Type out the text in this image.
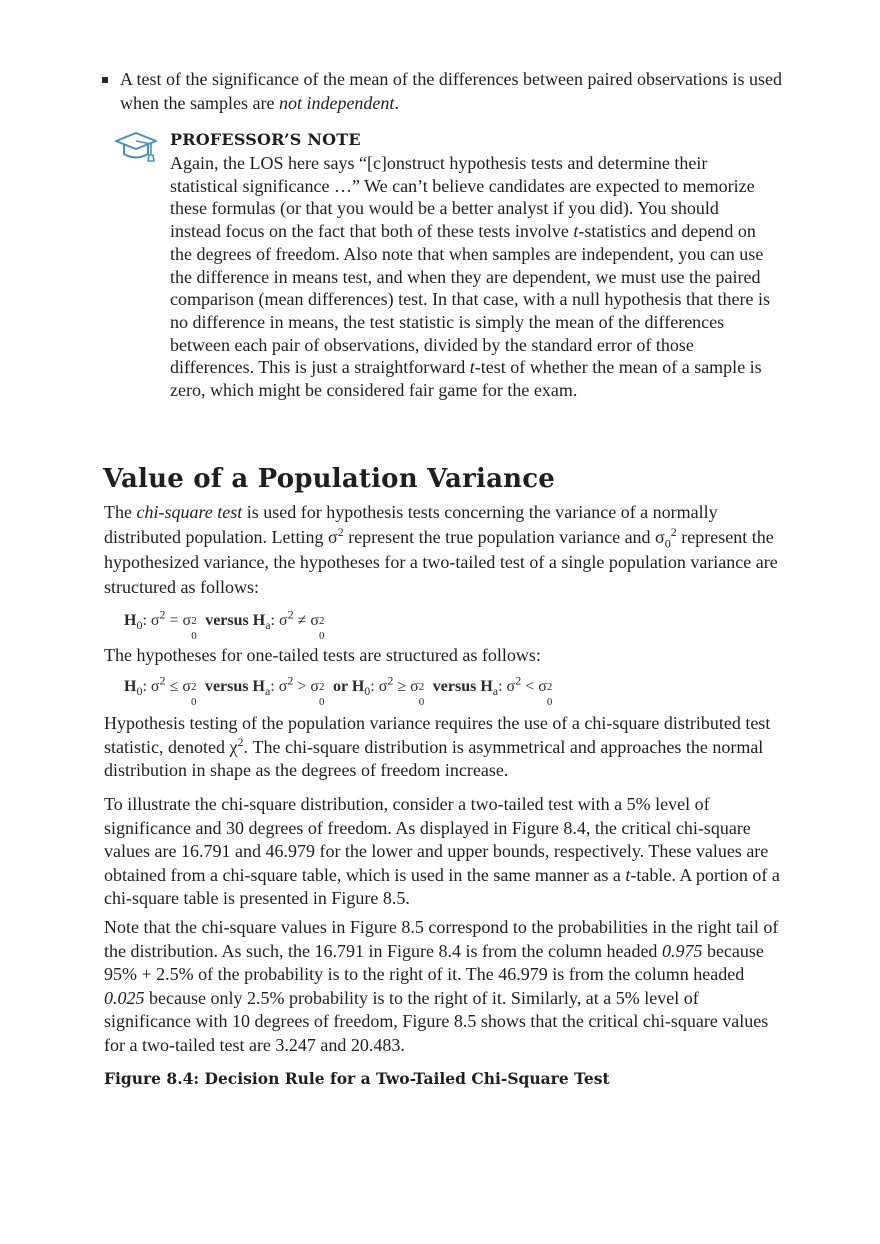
A test of the significance of the mean of the differences between paired observations is used when the samples are not independent.
PROFESSOR’S NOTE
Again, the LOS here says “[c]onstruct hypothesis tests and determine their statistical significance …” We can’t believe candidates are expected to memorize these formulas (or that you would be a better analyst if you did). You should instead focus on the fact that both of these tests involve t-statistics and depend on the degrees of freedom. Also note that when samples are independent, you can use the difference in means test, and when they are dependent, we must use the paired comparison (mean differences) test. In that case, with a null hypothesis that there is no difference in means, the test statistic is simply the mean of the differences between each pair of observations, divided by the standard error of those differences. This is just a straightforward t-test of whether the mean of a sample is zero, which might be considered fair game for the exam.
Value of a Population Variance
The chi-square test is used for hypothesis tests concerning the variance of a normally distributed population. Letting $\sigma^2$ represent the true population variance and $\sigma_0^2$ represent the hypothesized variance, the hypotheses for a two-tailed test of a single population variance are structured as follows:
$H_0$: $\sigma^2 = \sigma$ 2
0
versus $H_a$: $\sigma^2 \ne \sigma$ 2
0
The hypotheses for one-tailed tests are structured as follows:
$H_0$: $\sigma^2 \le \sigma$ 2
0
versus $H_a$: $\sigma^2 > \sigma$ 2
0
or $H_0$: $\sigma^2 \ge \sigma$ 2
0
versus $H_a$: $\sigma^2 < \sigma$ 2
0
Hypothesis testing of the population variance requires the use of a chi-square distributed test statistic, denoted $\chi^2$. The chi-square distribution is asymmetrical and approaches the normal distribution in shape as the degrees of freedom increase.
To illustrate the chi-square distribution, consider a two-tailed test with a 5% level of significance and 30 degrees of freedom. As displayed in Figure 8.4, the critical chi-square values are 16.791 and 46.979 for the lower and upper bounds, respectively. These values are obtained from a chi-square table, which is used in the same manner as a t-table. A portion of a chi-square table is presented in Figure 8.5.
Note that the chi-square values in Figure 8.5 correspond to the probabilities in the right tail of the distribution. As such, the 16.791 in Figure 8.4 is from the column headed 0.975 because 95% + 2.5% of the probability is to the right of it. The 46.979 is from the column headed 0.025 because only 2.5% probability is to the right of it. Similarly, at a 5% level of significance with 10 degrees of freedom, Figure 8.5 shows that the critical chi-square values for a two-tailed test are 3.247 and 20.483.
Figure 8.4: Decision Rule for a Two-Tailed Chi-Square Test
